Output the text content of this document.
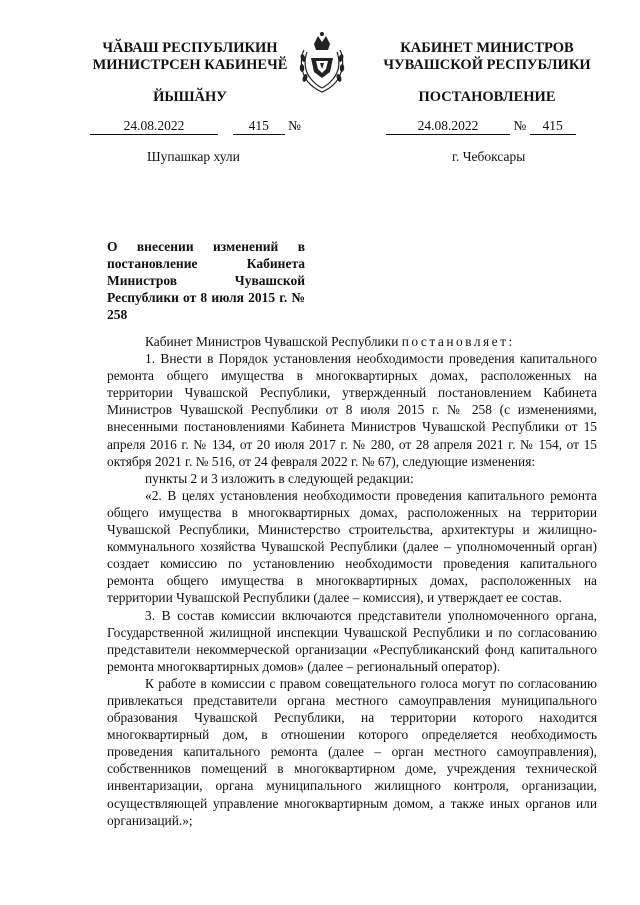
ЧӐВАШ РЕСПУБЛИКИН
МИНИСТРСЕН КАБИНЕЧӖ
ЙЫШӐНУ
КАБИНЕТ МИНИСТРОВ
ЧУВАШСКОЙ РЕСПУБЛИКИ
ПОСТАНОВЛЕНИЕ
24.08.2022	415 №	24.08.2022	№ 415
Шупашкар хули	г. Чебоксары
О внесении изменений в постановление Кабинета Министров Чувашской Республики от 8 июля 2015 г. № 258

Кабинет Министров Чувашской Республики постановляет:

1. Внести в Порядок установления необходимости проведения капитального ремонта общего имущества в многоквартирных домах, расположенных на территории Чувашской Республики, утвержденный постановлением Кабинета Министров Чувашской Республики от 8 июля 2015 г. № 258 (с изменениями, внесенными постановлениями Кабинета Министров Чувашской Республики от 15 апреля 2016 г. № 134, от 20 июля 2017 г. № 280, от 28 апреля 2021 г. № 154, от 15 октября 2021 г. № 516, от 24 февраля 2022 г. № 67), следующие изменения:

пункты 2 и 3 изложить в следующей редакции:

«2. В целях установления необходимости проведения капитального ремонта общего имущества в многоквартирных домах, расположенных на территории Чувашской Республики, Министерство строительства, архитектуры и жилищно-коммунального хозяйства Чувашской Республики (далее – уполномоченный орган) создает комиссию по установлению необходимости проведения капитального ремонта общего имущества в многоквартирных домах, расположенных на территории Чувашской Республики (далее – комиссия), и утверждает ее состав.

3. В состав комиссии включаются представители уполномоченного органа, Государственной жилищной инспекции Чувашской Республики и по согласованию представители некоммерческой организации «Республиканский фонд капитального ремонта многоквартирных домов» (далее – региональный оператор).

К работе в комиссии с правом совещательного голоса могут по согласованию привлекаться представители органа местного самоуправления муниципального образования Чувашской Республики, на территории которого находится многоквартирный дом, в отношении которого определяется необходимость проведения капитального ремонта (далее – орган местного самоуправления), собственников помещений в многоквартирном доме, учреждения технической инвентаризации, органа муниципального жилищного контроля, организации, осуществляющей управление многоквартирным домом, а также иных органов или организаций.»;
